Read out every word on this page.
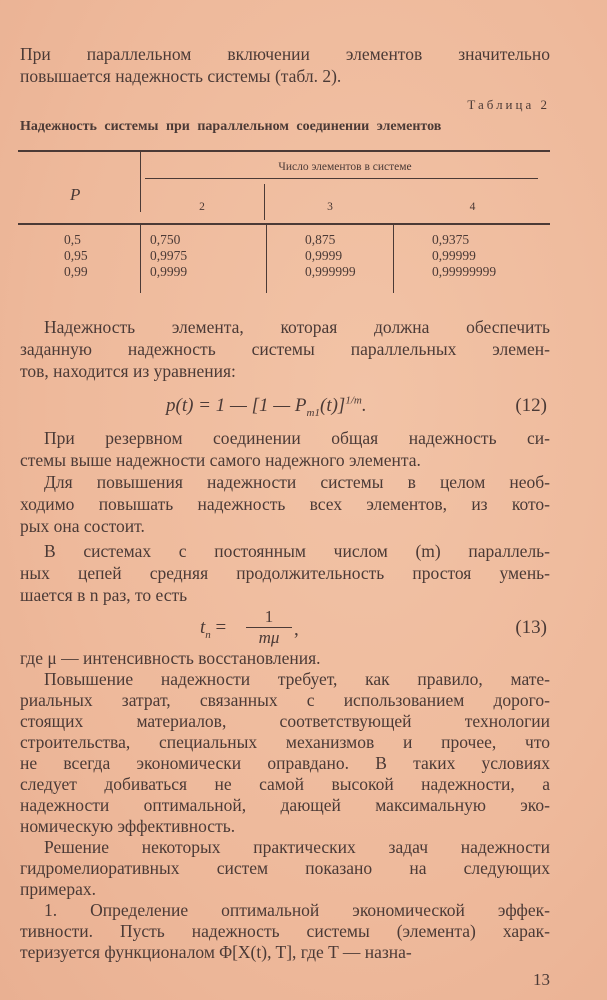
При параллельном включении элементов значительно
повышается надежность системы (табл. 2).
Надежность элемента, которая должна обеспечить
заданную надежность системы параллельных элемен-
тов, находится из уравнения:
При резервном соединении общая надежность си-
стемы выше надежности самого надежного элемента.
Для повышения надежности системы в целом необ-
ходимо повышать надежность всех элементов, из кото-
рых она состоит.
В системах с постоянным числом (m) параллель-
ных цепей средняя продолжительность простоя умень-
шается в n раз, то есть
где μ — интенсивность восстановления.
Повышение надежности требует, как правило, мате-
риальных затрат, связанных с использованием дорого-
стоящих материалов, соответствующей технологии
строительства, специальных механизмов и прочее, что
не всегда экономически оправдано. В таких условиях
следует добиваться не самой высокой надежности, а
надежности оптимальной, дающей максимальную эко-
номическую эффективность.
Решение некоторых практических задач надежности
гидромелиоративных систем показано на следующих
примерах.
1. Определение оптимальной экономической эффек-
тивности. Пусть надежность системы (элемента) харак-
теризуется функционалом Φ[X(t), T], где T — назна-
Таблица 2
Надежность системы при параллельном соединении элементов
Число элементов в системе
P
2	3	4
0,5	0,750	0,875	0,9375
0,95	0,9975	0,9999	0,99999
0,99	0,9999	0,999999	0,99999999
p(t) = 1 — [1 — $P_{m1}(t)]^{1/m}$.	(12)
$t_n$ =
1
mμ ,	(13)
13
